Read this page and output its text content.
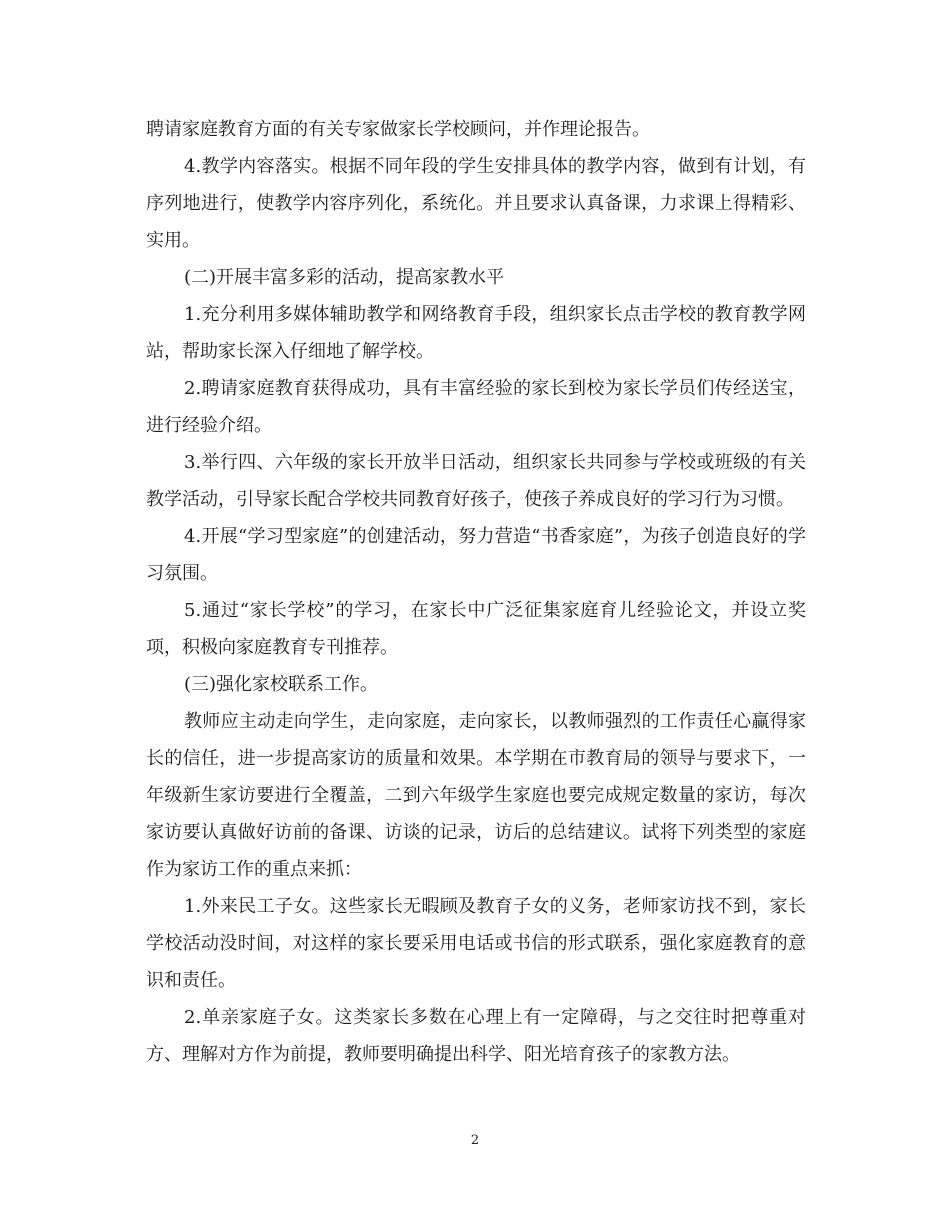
聘请家庭教育方面的有关专家做家长学校顾问，并作理论报告。

4.教学内容落实。根据不同年段的学生安排具体的教学内容，做到有计划，有序列地进行，使教学内容序列化，系统化。并且要求认真备课，力求课上得精彩、实用。

(二)开展丰富多彩的活动，提高家教水平

1.充分利用多媒体辅助教学和网络教育手段，组织家长点击学校的教育教学网站，帮助家长深入仔细地了解学校。

2.聘请家庭教育获得成功，具有丰富经验的家长到校为家长学员们传经送宝，进行经验介绍。

3.举行四、六年级的家长开放半日活动，组织家长共同参与学校或班级的有关教学活动，引导家长配合学校共同教育好孩子，使孩子养成良好的学习行为习惯。

4.开展“学习型家庭”的创建活动，努力营造“书香家庭”，为孩子创造良好的学习氛围。

5.通过“家长学校”的学习，在家长中广泛征集家庭育儿经验论文，并设立奖项，积极向家庭教育专刊推荐。

(三)强化家校联系工作。

教师应主动走向学生，走向家庭，走向家长，以教师强烈的工作责任心赢得家长的信任，进一步提高家访的质量和效果。本学期在市教育局的领导与要求下，一年级新生家访要进行全覆盖，二到六年级学生家庭也要完成规定数量的家访，每次家访要认真做好访前的备课、访谈的记录，访后的总结建议。试将下列类型的家庭作为家访工作的重点来抓：

1.外来民工子女。这些家长无暇顾及教育子女的义务，老师家访找不到，家长学校活动没时间，对这样的家长要采用电话或书信的形式联系，强化家庭教育的意识和责任。

2.单亲家庭子女。这类家长多数在心理上有一定障碍，与之交往时把尊重对方、理解对方作为前提，教师要明确提出科学、阳光培育孩子的家教方法。

2
